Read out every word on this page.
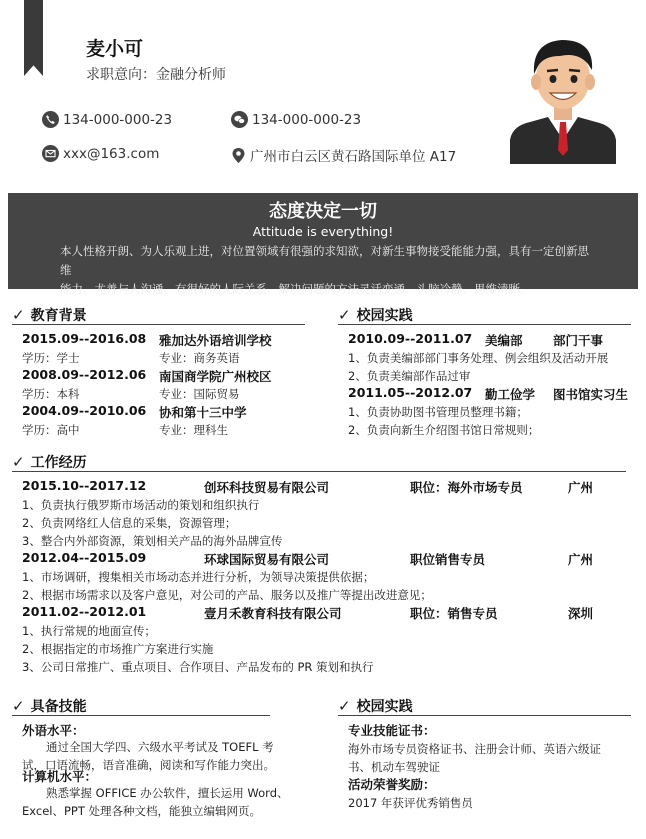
麦小可
求职意向：金融分析师
134-000-000-23	134-000-000-23
xxx@163.com	广州市白云区黄石路国际单位 A17
态度决定一切
Attitude is everything!
本人性格开朗、为人乐观上进，对位置领域有很强的求知欲，对新生事物接受能能力强，具有一定创新思维
能力。尤善与人沟通、有很好的人际关系。解决问题的方法灵活变通、头脑冷静、思维清晰。
✓ 教育背景
2015.09--2016.08 雅加达外语培训学校
学历：学士	专业：商务英语
2008.09--2012.06 南国商学院广州校区
学历：本科	专业：国际贸易
2004.09--2010.06 协和第十三中学
学历：高中	专业：理科生
✓ 校园实践
2010.09--2011.07 美编部 部门干事
1、负责美编部部门事务处理、例会组织及活动开展
2、负责美编部作品过审
2011.05--2012.07 勤工俭学 图书馆实习生
1、负责协助图书管理员整理书籍；
2、负责向新生介绍图书馆日常规则；
✓ 工作经历
2015.10--2017.12	创环科技贸易有限公司	职位：海外市场专员	广州
1、负责执行俄罗斯市场活动的策划和组织执行
2、负责网络红人信息的采集，资源管理；
3、整合内外部资源，策划相关产品的海外品牌宣传
2012.04--2015.09	环球国际贸易有限公司	职位销售专员	广州
1、市场调研，搜集相关市场动态并进行分析，为领导决策提供依据；
2、根据市场需求以及客户意见，对公司的产品、服务以及推广等提出改进意见；
2011.02--2012.01	壹月禾教育科技有限公司	职位：销售专员	深圳
1、执行常规的地面宣传；
2、根据指定的市场推广方案进行实施
3、公司日常推广、重点项目、合作项目、产品发布的 PR 策划和执行
✓ 具备技能
外语水平：
通过全国大学四、六级水平考试及 TOEFL 考
试，口语流畅，语音准确，阅读和写作能力突出。
计算机水平：
熟悉掌握 OFFICE 办公软件，擅长运用 Word、
Excel、PPT 处理各种文档，能独立编辑网页。
✓ 校园实践
专业技能证书：
海外市场专员资格证书、注册会计师、英语六级证
书、机动车驾驶证
活动荣誉奖励：
2017 年获评优秀销售员
